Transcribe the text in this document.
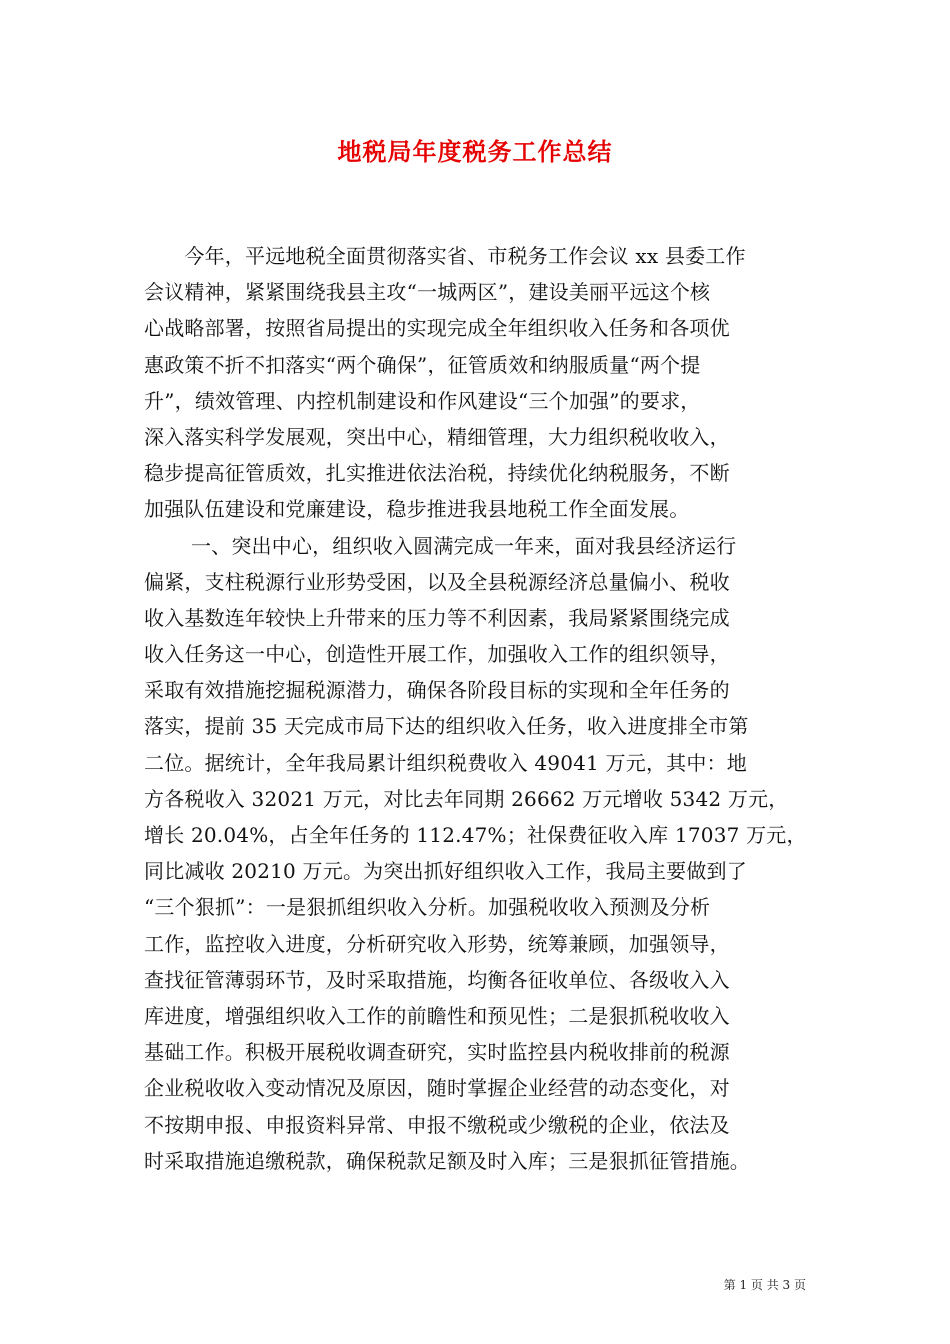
地税局年度税务工作总结
　　今年，平远地税全面贯彻落实省、市税务工作会议 xx 县委工作
会议精神，紧紧围绕我县主攻“一城两区”，建设美丽平远这个核
心战略部署，按照省局提出的实现完成全年组织收入任务和各项优
惠政策不折不扣落实“两个确保”，征管质效和纳服质量“两个提
升”，绩效管理、内控机制建设和作风建设“三个加强”的要求，
深入落实科学发展观，突出中心，精细管理，大力组织税收收入，
稳步提高征管质效，扎实推进依法治税，持续优化纳税服务，不断
加强队伍建设和党廉建设，稳步推进我县地税工作全面发展。
　　 一、突出中心，组织收入圆满完成一年来，面对我县经济运行
偏紧，支柱税源行业形势受困，以及全县税源经济总量偏小、税收
收入基数连年较快上升带来的压力等不利因素，我局紧紧围绕完成
收入任务这一中心，创造性开展工作，加强收入工作的组织领导，
采取有效措施挖掘税源潜力，确保各阶段目标的实现和全年任务的
落实，提前 35 天完成市局下达的组织收入任务，收入进度排全市第
二位。据统计，全年我局累计组织税费收入 49041 万元，其中：地
方各税收入 32021 万元，对比去年同期 26662 万元增收 5342 万元，
增长 20.04%，占全年任务的 112.47%；社保费征收入库 17037 万元，
同比减收 20210 万元。为突出抓好组织收入工作，我局主要做到了
“三个狠抓”：一是狠抓组织收入分析。加强税收收入预测及分析
工作，监控收入进度，分析研究收入形势，统筹兼顾，加强领导，
查找征管薄弱环节，及时采取措施，均衡各征收单位、各级收入入
库进度，增强组织收入工作的前瞻性和预见性；二是狠抓税收收入
基础工作。积极开展税收调查研究，实时监控县内税收排前的税源
企业税收收入变动情况及原因，随时掌握企业经营的动态变化，对
不按期申报、申报资料异常、申报不缴税或少缴税的企业，依法及
时采取措施追缴税款，确保税款足额及时入库；三是狠抓征管措施。
第 1 页 共 3 页
